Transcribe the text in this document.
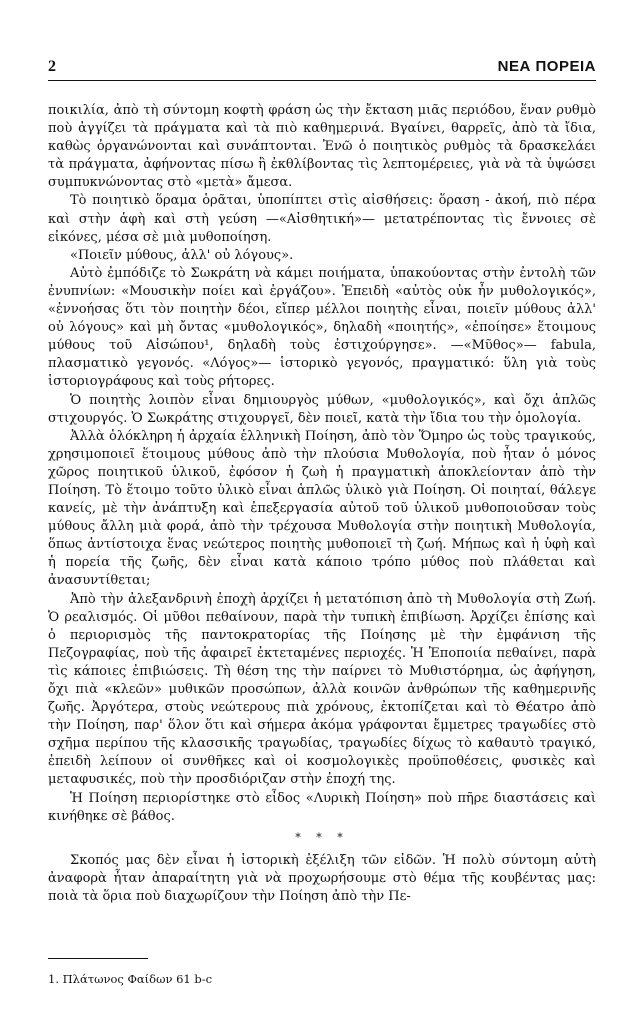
2	ΝΕΑ ΠΟΡΕΙΑ

ποικιλία, ἀπὸ τὴ σύντομη κοφτὴ φράση ὡς τὴν ἔκταση μιᾶς περιόδου, ἕναν ρυθμὸ ποὺ ἀγγίζει τὰ πράγματα καὶ τὰ πιὸ καθημερινά. Βγαίνει, θαρρεῖς, ἀπὸ τὰ ἴδια, καθὼς ὀργανώνονται καὶ συνάπτονται. Ἐνῶ ὁ ποιητικὸς ρυθμὸς τὰ δρασκελάει τὰ πράγματα, ἀφήνοντας πίσω ἢ ἐκθλίβοντας τὶς λεπτομέρειες, γιὰ νὰ τὰ ὑψώσει συμπυκνώνοντας στὸ «μετὰ» ἄμεσα.

Τὸ ποιητικὸ ὅραμα ὁρᾶται, ὑποπίπτει στὶς αἰσθήσεις: ὅραση - ἀκοή, πιὸ πέρα καὶ στὴν ἁφὴ καὶ στὴ γεύση —«Αἰσθητική»— μετατρέποντας τὶς ἔννοιες σὲ εἰκόνες, μέσα σὲ μιὰ μυθοποίηση.

«Ποιεῖν μύθους, ἀλλ' οὐ λόγους».

Αὐτὸ ἐμπόδιζε τὸ Σωκράτη νὰ κάμει ποιήματα, ὑπακούοντας στὴν ἐντολὴ τῶν ἐνυπνίων: «Μουσικὴν ποίει καὶ ἐργάζου». Ἐπειδὴ «αὐτὸς οὐκ ἦν μυθολογικός», «ἐννοήσας ὅτι τὸν ποιητὴν δέοι, εἴπερ μέλλοι ποιητὴς εἶναι, ποιεῖν μύθους ἀλλ' οὐ λόγους» καὶ μὴ ὄντας «μυθολογικός», δηλαδὴ «ποιητής», «ἐποίησε» ἕτοιμους μύθους τοῦ Αἰσώπου¹, δηλαδὴ τοὺς ἐστιχούργησε». —«Μῦθος»— fabula, πλασματικὸ γεγονός. «Λόγος»— ἱστορικὸ γεγονός, πραγματικό: ὕλη γιὰ τοὺς ἱστοριογράφους καὶ τοὺς ρήτορες.

Ὁ ποιητὴς λοιπὸν εἶναι δημιουργὸς μύθων, «μυθολογικός», καὶ ὄχι ἁπλῶς στιχουργός. Ὁ Σωκράτης στιχουργεῖ, δὲν ποιεῖ, κατὰ τὴν ἴδια του τὴν ὁμολογία.

Ἀλλὰ ὁλόκληρη ἡ ἀρχαία ἑλληνικὴ Ποίηση, ἀπὸ τὸν Ὅμηρο ὡς τοὺς τραγικούς, χρησιμοποιεῖ ἕτοιμους μύθους ἀπὸ τὴν πλούσια Μυθολογία, ποὺ ἦταν ὁ μόνος χῶρος ποιητικοῦ ὑλικοῦ, ἐφόσον ἡ ζωὴ ἡ πραγματικὴ ἀποκλείονταν ἀπὸ τὴν Ποίηση. Τὸ ἕτοιμο τοῦτο ὑλικὸ εἶναι ἁπλῶς ὑλικὸ γιὰ Ποίηση. Οἱ ποιηταί, θάλεγε κανείς, μὲ τὴν ἀνάπτυξη καὶ ἐπεξεργασία αὐτοῦ τοῦ ὑλικοῦ μυθοποιοῦσαν τοὺς μύθους ἄλλη μιὰ φορά, ἀπὸ τὴν τρέχουσα Μυθολογία στὴν ποιητικὴ Μυθολογία, ὅπως ἀντίστοιχα ἕνας νεώτερος ποιητὴς μυθοποιεῖ τὴ ζωή. Μήπως καὶ ἡ ὑφὴ καὶ ἡ πορεία τῆς ζωῆς, δὲν εἶναι κατὰ κάποιο τρόπο μύθος ποὺ πλάθεται καὶ ἀνασυντίθεται;

Ἀπὸ τὴν ἀλεξανδρινὴ ἐποχὴ ἀρχίζει ἡ μετατόπιση ἀπὸ τὴ Μυθολογία στὴ Ζωή. Ὁ ρεαλισμός. Οἱ μῦθοι πεθαίνουν, παρὰ τὴν τυπικὴ ἐπιβίωση. Ἀρχίζει ἐπίσης καὶ ὁ περιορισμὸς τῆς παντοκρατορίας τῆς Ποίησης μὲ τὴν ἐμφάνιση τῆς Πεζογραφίας, ποὺ τῆς ἀφαιρεῖ ἐκτεταμένες περιοχές. Ἡ Ἐποποιία πεθαίνει, παρὰ τὶς κάποιες ἐπιβιώσεις. Τὴ θέση της τὴν παίρνει τὸ Μυθιστόρημα, ὡς ἀφήγηση, ὄχι πιὰ «κλεῶν» μυθικῶν προσώπων, ἀλλὰ κοινῶν ἀνθρώπων τῆς καθημερινῆς ζωῆς. Ἀργότερα, στοὺς νεώτερους πιὰ χρόνους, ἐκτοπίζεται καὶ τὸ Θέατρο ἀπὸ τὴν Ποίηση, παρ' ὅλον ὅτι καὶ σήμερα ἀκόμα γράφονται ἔμμετρες τραγωδίες στὸ σχῆμα περίπου τῆς κλασσικῆς τραγωδίας, τραγωδίες δίχως τὸ καθαυτὸ τραγικό, ἐπειδὴ λείπουν οἱ συνθῆκες καὶ οἱ κοσμολογικὲς προϋποθέσεις, φυσικὲς καὶ μεταφυσικές, ποὺ τὴν προσδιόριζαν στὴν ἐποχή της.

Ἡ Ποίηση περιορίστηκε στὸ εἶδος «Λυρικὴ Ποίηση» ποὺ πῆρε διαστάσεις καὶ κινήθηκε σὲ βάθος.

* * *

Σκοπός μας δὲν εἶναι ἡ ἱστορικὴ ἐξέλιξη τῶν εἰδῶν. Ἡ πολὺ σύντομη αὐτὴ ἀναφορὰ ἦταν ἀπαραίτητη γιὰ νὰ προχωρήσουμε στὸ θέμα τῆς κουβέντας μας: ποιὰ τὰ ὅρια ποὺ διαχωρίζουν τὴν Ποίηση ἀπὸ τὴν Πε-

1. Πλάτωνος Φαίδων 61 b-c
